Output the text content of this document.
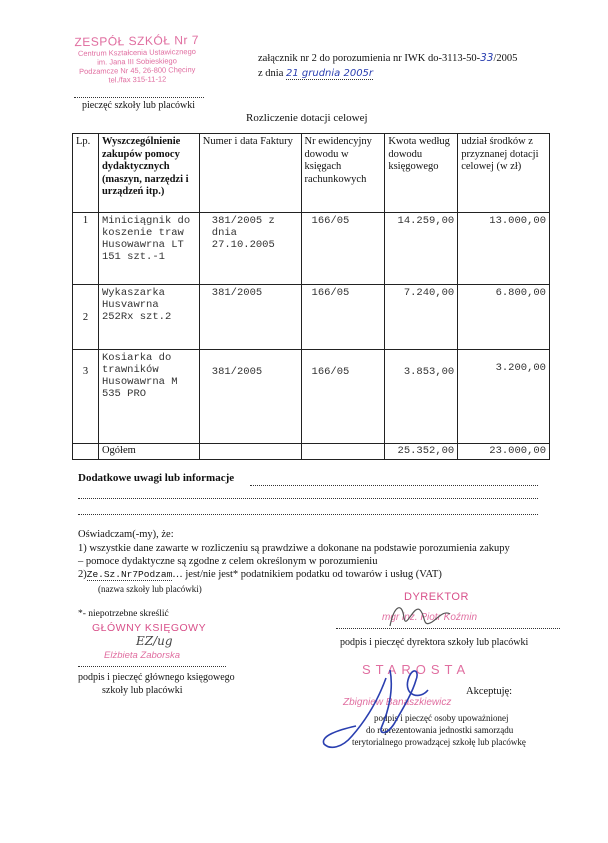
ZESPÓŁ SZKÓŁ Nr 7
Centrum Kształcenia Ustawicznego
im. Jana III Sobieskiego
Podzamcze Nr 45, 26-800 Chęciny
tel./fax 315-11-12
pieczęć szkoły lub placówki
załącznik nr 2 do porozumienia nr IWK do-3113-50-33/2005
z dnia 21 grudnia 2005r
Rozliczenie dotacji celowej
Lp.	Wyszczególnienie zakupów pomocy dydaktycznych (maszyn, narzędzi i urządzeń itp.)	Numer i data Faktury	Nr ewidencyjny dowodu w księgach rachunkowych	Kwota według dowodu księgowego	udział środków z przyznanej dotacji celowej (w zł)
1	Miniciągnik do koszenie traw Husowawrna LT 151 szt.-1	381/2005 z dnia 27.10.2005	166/05	14.259,00	13.000,00
2	Wykaszarka Husvawrna 252Rx szt.2	381/2005	166/05	7.240,00	6.800,00
3	Kosiarka do trawników Husowawrna M 535 PRO	381/2005	166/05	3.853,00	3.200,00
	Ogółem			25.352,00	23.000,00
Dodatkowe uwagi lub informacje
Oświadczam(-my), że:
1) wszystkie dane zawarte w rozliczeniu są prawdziwe a dokonane na podstawie porozumienia zakupy
– pomoce dydaktyczne są zgodne z celem określonym w porozumieniu
2)Ze.Sz.Nr7Podzam… jest/nie jest* podatnikiem podatku od towarów i usług (VAT)
(nazwa szkoły lub placówki)
*- niepotrzebne skreślić
GŁÓWNY KSIĘGOWY
EZ/ug
Elżbieta Zaborska
podpis i pieczęć głównego księgowego
szkoły lub placówki
DYREKTOR
mgr inż. Piotr Koźmin
podpis i pieczęć dyrektora szkoły lub placówki
STAROSTA
Akceptuję:
Zbigniew Banaszkiewicz
podpis i pieczęć osoby upoważnionej
do reprezentowania jednostki samorządu
terytorialnego prowadzącej szkołę lub placówkę
